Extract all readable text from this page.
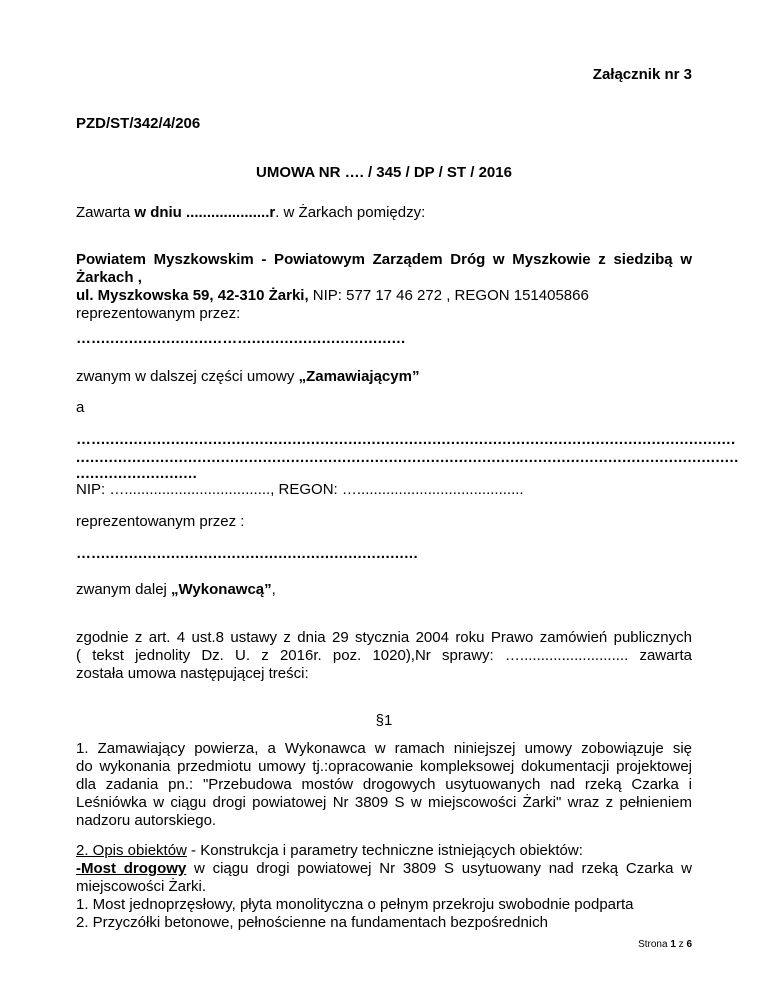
Załącznik nr 3
PZD/ST/342/4/206
UMOWA NR …. / 345 / DP / ST / 2016
Zawarta w dniu ....................r. w Żarkach pomiędzy:
Powiatem Myszkowskim - Powiatowym Zarządem Dróg w Myszkowie z siedzibą w
Żarkach ,
ul. Myszkowska 59, 42-310 Żarki, NIP: 577 17 46 272 , REGON 151405866
reprezentowanym przez:
…............................…....................................
zwanym w dalszej części umowy „Zamawiającym”
a
…..........................................................................................................................................
..............................................................................................................................................
..........................
NIP: …..................................., REGON: …........................................
reprezentowanym przez :
…......................................................................
zwanym dalej „Wykonawcą”,
zgodnie z art. 4 ust.8 ustawy z dnia 29 stycznia 2004 roku Prawo zamówień publicznych
( tekst jednolity Dz. U. z 2016r. poz. 1020),Nr sprawy: ….......................... zawarta
została umowa następującej treści:
§1
1. Zamawiający powierza, a Wykonawca w ramach niniejszej umowy zobowiązuje się
do wykonania przedmiotu umowy tj.:opracowanie kompleksowej dokumentacji projektowej
dla zadania pn.: "Przebudowa mostów drogowych usytuowanych nad rzeką Czarka i
Leśniówka w ciągu drogi powiatowej Nr 3809 S w miejscowości Żarki" wraz z pełnieniem
nadzoru autorskiego.
2. Opis obiektów - Konstrukcja i parametry techniczne istniejących obiektów:
-Most drogowy w ciągu drogi powiatowej Nr 3809 S usytuowany nad rzeką Czarka w
miejscowości Żarki.
1. Most jednoprzęsłowy, płyta monolityczna o pełnym przekroju swobodnie podparta
2. Przyczółki betonowe, pełnościenne na fundamentach bezpośrednich
Strona 1 z 6
